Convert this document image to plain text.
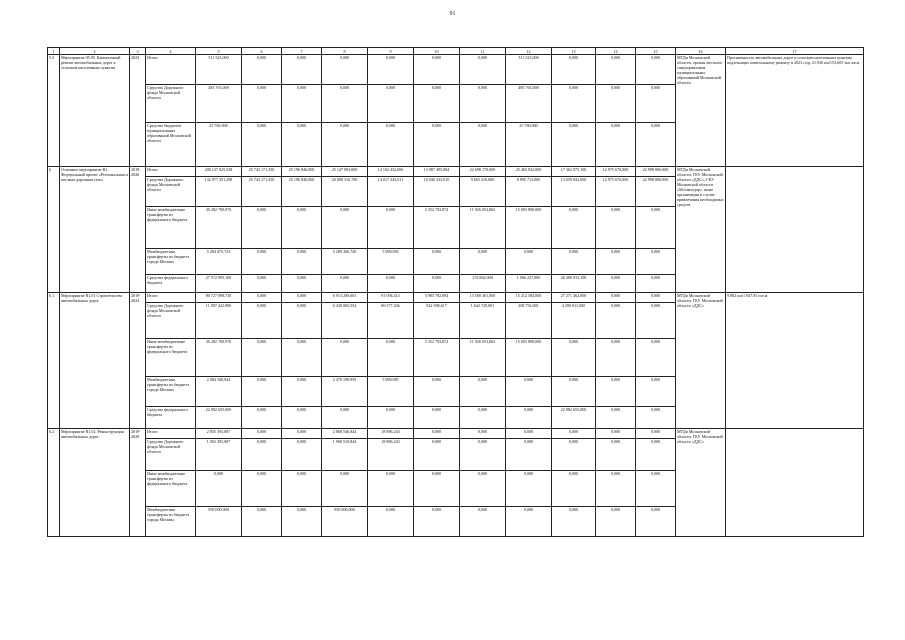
91
1	2	3	4	5	6	7	8	9	10	11	12	13	14	15	16	17
5.5	Мероприятие 05.05. Капитальный ремонт автомобильных дорог к сельским населенным пунктам	2023	Итого:	511 523,000	0,000	0,000	0,000	0,000	0,000	0,000	511 523,000	0,000	0,000	0,000	МТДи Московской области, органы местного самоуправления муниципальных образований Московской области	Протяженность автомобильных дорог к сельским населенным пунктам, подлежащих капитальному ремонту в 2023 году 21,936 км/153,603 тыс.кв.м
			Средства Дорожного фонда Московской области	485 763,000	0,000	0,000	0,000	0,000	0,000	0,000	485 763,000	0,000	0,000	0,000		
			Средства бюджетов муниципальных образований Московской области	25 760,000	0,000	0,000	0,000	0,000	0,000	0,000	25 760,000	0,000	0,000	0,000		
6	Основное мероприятие R1. Федеральный проект «Региональная и местная дорожная сеть»	2019-2026	Итого:	200 127 025,538	25 743 171,350	25 196 846,000	25 147 093,000	14 102 432,006	13 987 495,084	22 698 170,000	25 403 922,000	17 362 075,100	12 975 670,000	22 998 806,000	МТДи Московской области, ГКУ Московской области «ДДС», ГКУ Московской области «Мосавтодор», иные организации в случае привлечения необходимых средств	
			Средства Дорожного фонда Московской области	132 977 351,298	25 743 171,350	25 196 846,000	20 698 316,700	14 017 343,011	10 040 333,010	9 665 416,000	8 895 713,000	13 059 042,000	12 975 670,000	22 998 806,000		
			Иные межбюджетные трансферты из федерального бюджета	30 282 700,976	0,000	0,000	0,000	0,000	3 352 703,874	11 926 053,062	15 003 890,000	0,000	0,000	0,000		
			Межбюджетные трансферты из бюджета города Москвы	5 284 475,723	0,000	0,000	5 289 306,740	5 098,983	0,000	0,000	0,000	0,000	0,000	0,000		
			Средства федерального бюджета	27 572 995,100	0,000	0,000	0,000	0,000	0,000	276 864,000	1 066 237,000	26 300 033,100	0,000	0,000		
6.1	Мероприятие R1.01 Строительство автомобильных дорог	2019-2024	Итого:	80 727 098,730	0,000	0,000	6 913 200,603	91 094,413	3 983 782,094	13 568 361,000	15 212 584,000	27 271 462,000	0,000	0,000	МТДи Московской области, ГКУ Московской области «ДДС»	9,982 км/1 047,95 пог.м
			Средства Дорожного фонда Московской области	11 097 422,890	0,000	0,000	6 430 065,554	86 577,436	922 398,617	1 642 729,001	208 754,001	4 290 811,000	0,000	0,000		
			Иные межбюджетные трансферты из федерального бюджета	30 282 700,976	0,000	0,000	0,000	0,000	3 352 703,874	11 926 053,062	15 003 890,000	0,000	0,000	0,000		
			Межбюджетные трансферты из бюджета города Москвы	2 084 168,944	0,000	0,000	2 479 198,959	5 098,985	0,000	0,000	0,000	0,000	0,000	0,000		
			Средства федерального бюджета	22 982 655,000	0,000	0,000	0,000	0,000	0,000	0,000	0,000	22 982 655,000	0,000	0,000		
6.2	Мероприятие R1.02. Реконструкция автомобильных дорог	2019-2020	Итого:	2 855 393,087	0,000	0,000	2 868 546,844	18 886,243	0,000	0,000	0,000	0,000	0,000	0,000	МТДи Московской области, ГКУ Московской области «ДДС»	
			Средства Дорожного фонда Московской области	1 902 393,087	0,000	0,000	1 968 510,844	18 886,243	0,000	0,000	0,000	0,000	0,000	0,000		
			Иные межбюджетные трансферты из федерального бюджета	0,000	0,000	0,000	0,000	0,000	0,000	0,000	0,000	0,000	0,000	0,000		
			Межбюджетные трансферты из бюджета города Москвы	950 000,000	0,000	0,000	950 000,000	0,000	0,000	0,000	0,000	0,000	0,000	0,000		
